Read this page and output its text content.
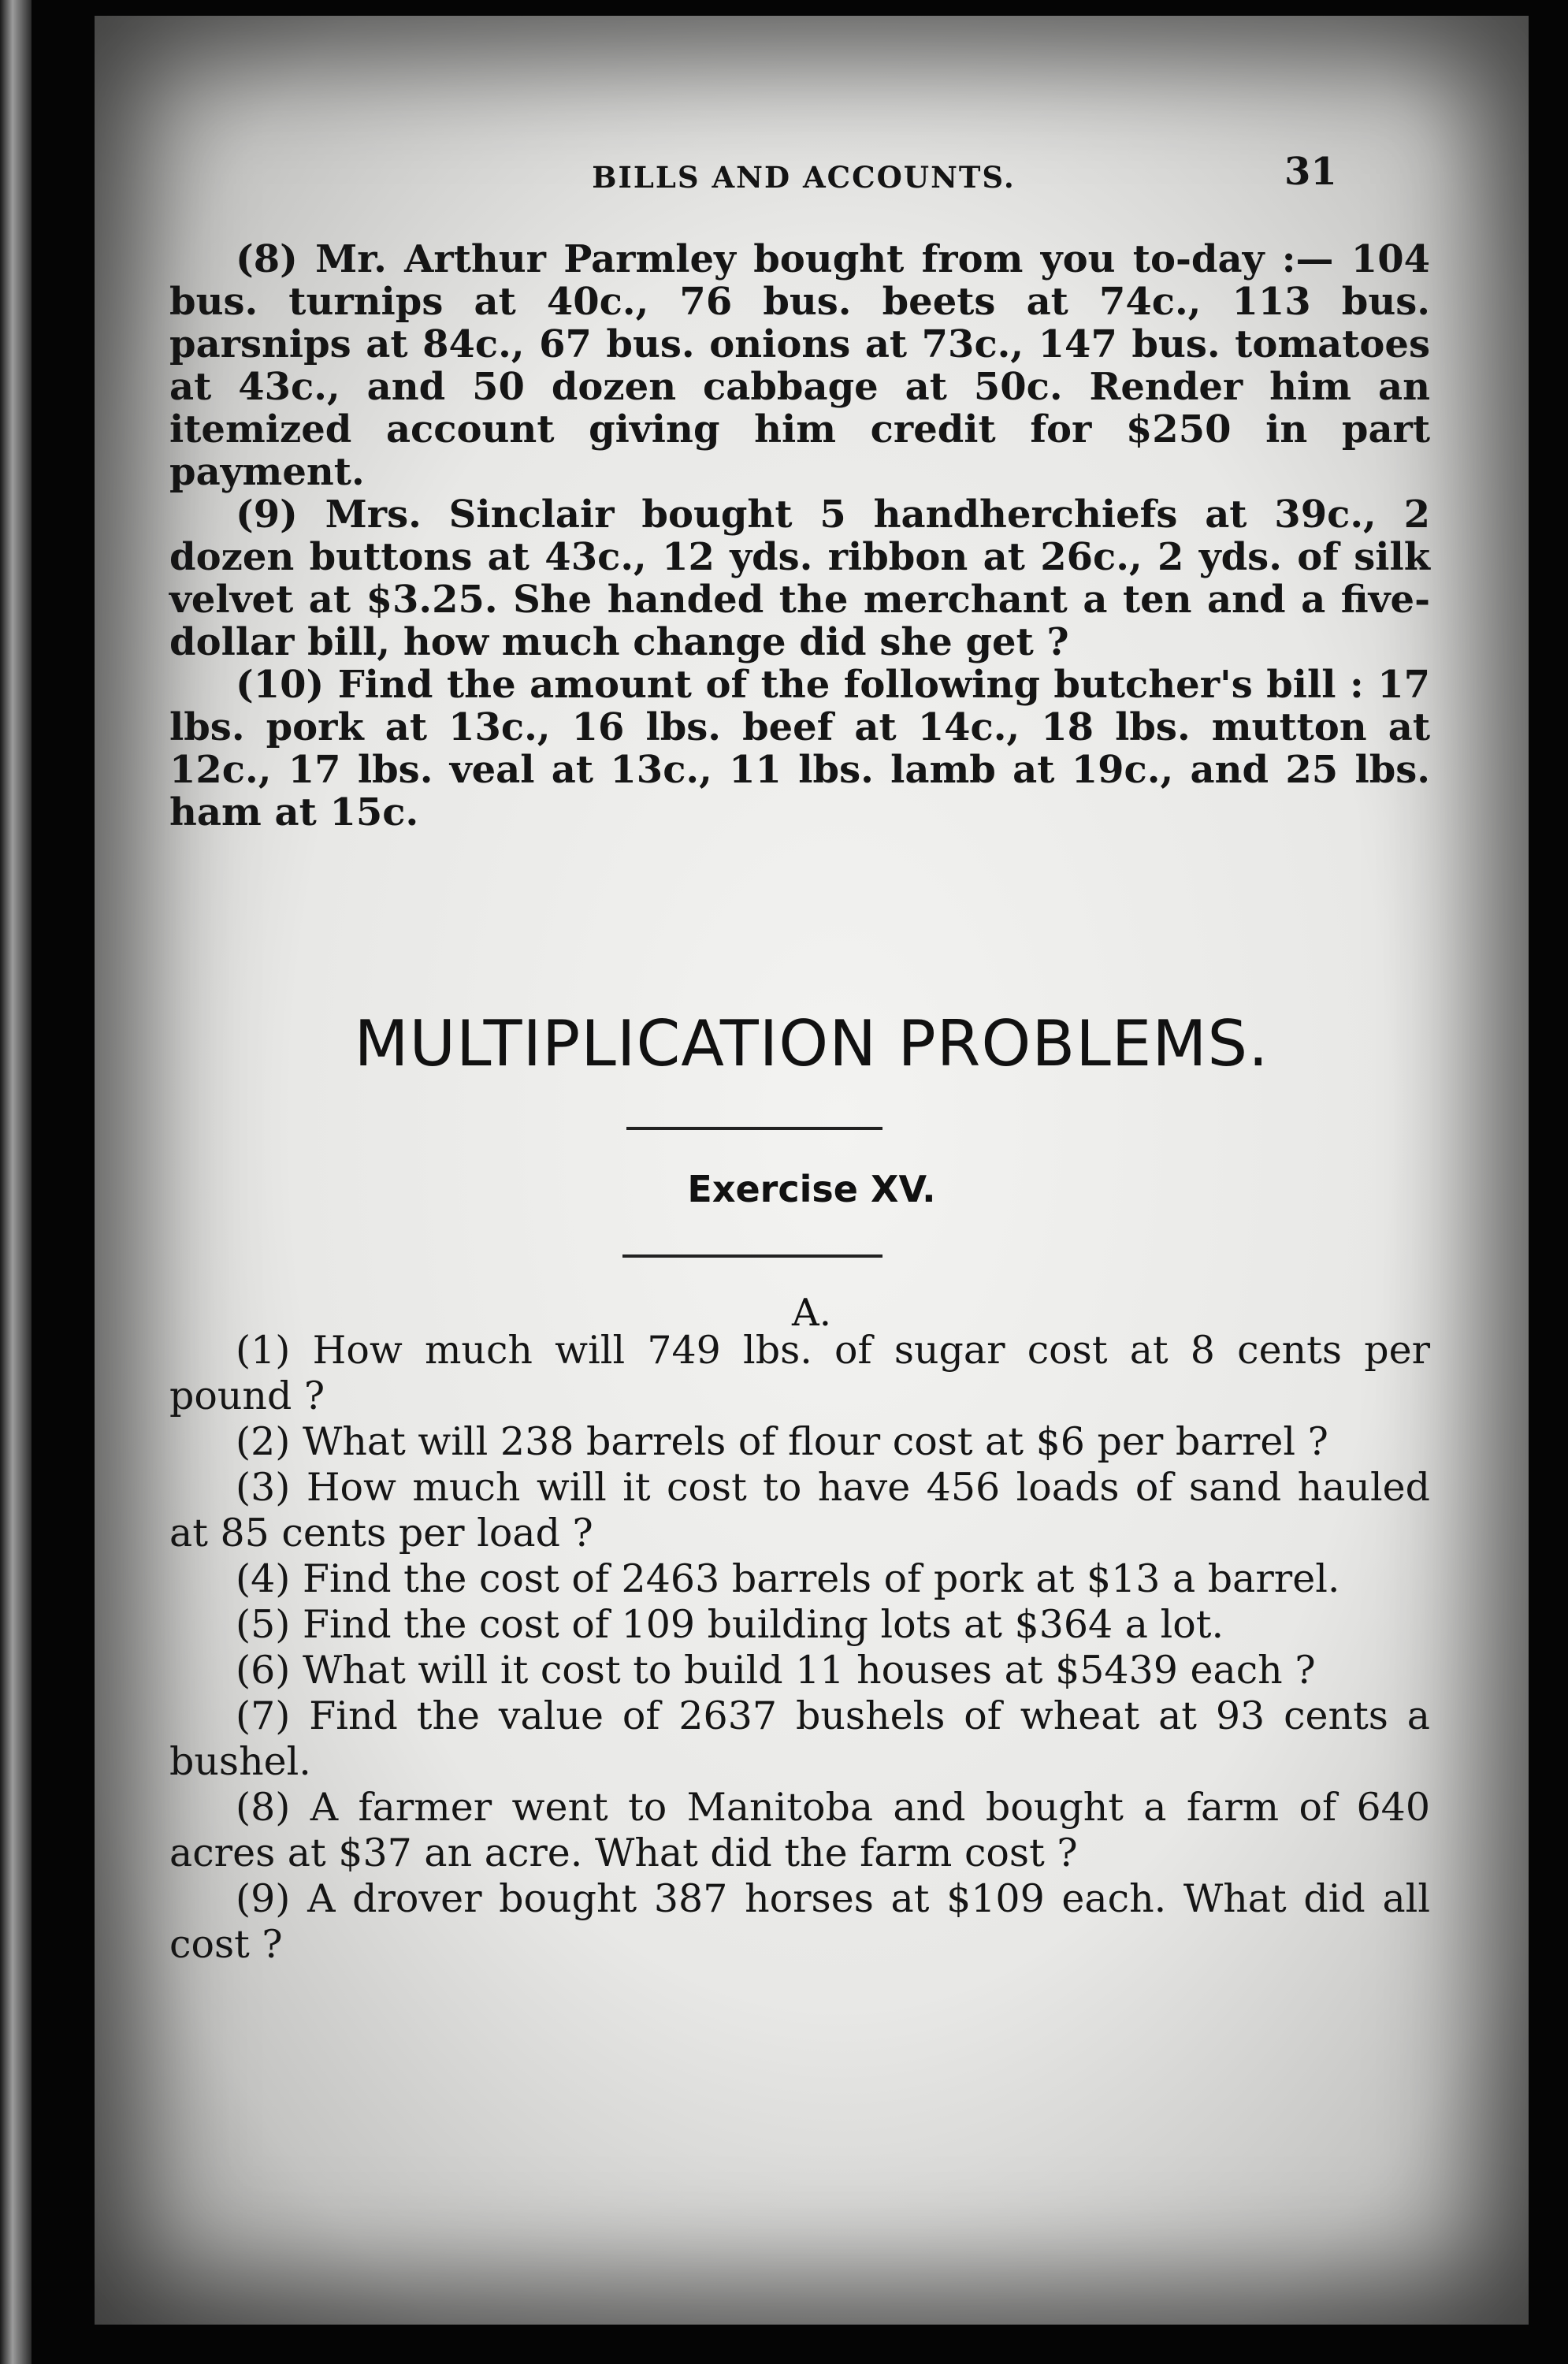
BILLS AND ACCOUNTS.	31

(8) Mr. Arthur Parmley bought from you to-day :— 104 bus. turnips at 40c., 76 bus. beets at 74c., 113 bus. parsnips at 84c., 67 bus. onions at 73c., 147 bus. tomatoes at 43c., and 50 dozen cabbage at 50c. Render him an itemized account giving him credit for $250 in part payment.

(9) Mrs. Sinclair bought 5 handherchiefs at 39c., 2 dozen buttons at 43c., 12 yds. ribbon at 26c., 2 yds. of silk velvet at $3.25. She handed the merchant a ten and a five-dollar bill, how much change did she get ?

(10) Find the amount of the following butcher's bill : 17 lbs. pork at 13c., 16 lbs. beef at 14c., 18 lbs. mutton at 12c., 17 lbs. veal at 13c., 11 lbs. lamb at 19c., and 25 lbs. ham at 15c.

MULTIPLICATION PROBLEMS.
Exercise XV.
A.

(1) How much will 749 lbs. of sugar cost at 8 cents per pound ?

(2) What will 238 barrels of flour cost at $6 per barrel ?

(3) How much will it cost to have 456 loads of sand hauled at 85 cents per load ?

(4) Find the cost of 2463 barrels of pork at $13 a barrel.

(5) Find the cost of 109 building lots at $364 a lot.

(6) What will it cost to build 11 houses at $5439 each ?

(7) Find the value of 2637 bushels of wheat at 93 cents a bushel.

(8) A farmer went to Manitoba and bought a farm of 640 acres at $37 an acre. What did the farm cost ?

(9) A drover bought 387 horses at $109 each. What did all cost ?
